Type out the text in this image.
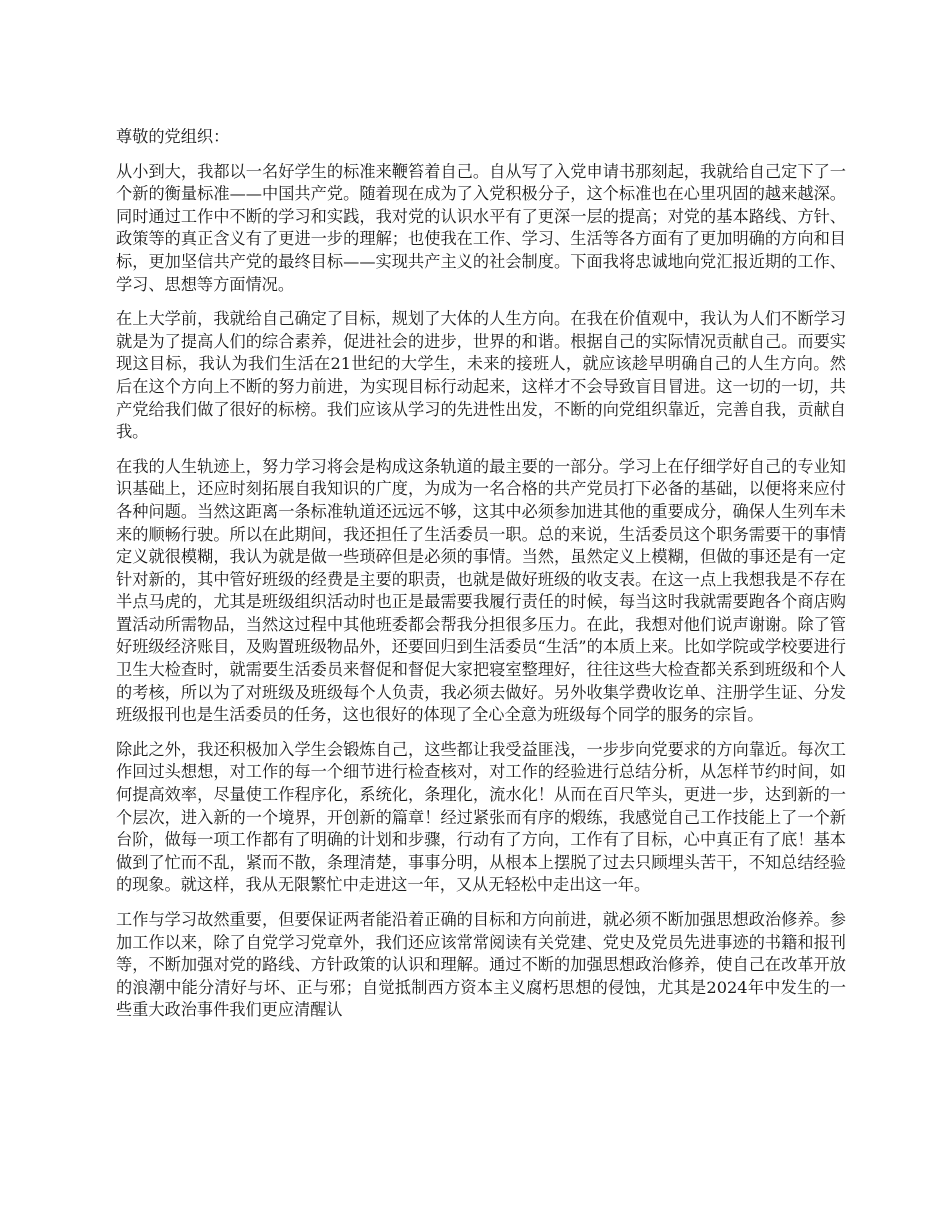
尊敬的党组织：

从小到大，我都以一名好学生的标准来鞭笞着自己。自从写了入党申请书那刻起，我就给自己定下了一个新的衡量标准——中国共产党。随着现在成为了入党积极分子，这个标准也在心里巩固的越来越深。同时通过工作中不断的学习和实践，我对党的认识水平有了更深一层的提高；对党的基本路线、方针、政策等的真正含义有了更进一步的理解；也使我在工作、学习、生活等各方面有了更加明确的方向和目标，更加坚信共产党的最终目标——实现共产主义的社会制度。下面我将忠诚地向党汇报近期的工作、学习、思想等方面情况。

在上大学前，我就给自己确定了目标，规划了大体的人生方向。在我在价值观中，我认为人们不断学习就是为了提高人们的综合素养，促进社会的进步，世界的和谐。根据自己的实际情况贡献自己。而要实现这目标，我认为我们生活在21世纪的大学生，未来的接班人，就应该趁早明确自己的人生方向。然后在这个方向上不断的努力前进，为实现目标行动起来，这样才不会导致盲目冒进。这一切的一切，共产党给我们做了很好的标榜。我们应该从学习的先进性出发，不断的向党组织靠近，完善自我，贡献自我。

在我的人生轨迹上，努力学习将会是构成这条轨道的最主要的一部分。学习上在仔细学好自己的专业知识基础上，还应时刻拓展自我知识的广度，为成为一名合格的共产党员打下必备的基础，以便将来应付各种问题。当然这距离一条标准轨道还远远不够，这其中必须参加进其他的重要成分，确保人生列车未来的顺畅行驶。所以在此期间，我还担任了生活委员一职。总的来说，生活委员这个职务需要干的事情定义就很模糊，我认为就是做一些琐碎但是必须的事情。当然，虽然定义上模糊，但做的事还是有一定针对新的，其中管好班级的经费是主要的职责，也就是做好班级的收支表。在这一点上我想我是不存在半点马虎的，尤其是班级组织活动时也正是最需要我履行责任的时候，每当这时我就需要跑各个商店购置活动所需物品，当然这过程中其他班委都会帮我分担很多压力。在此，我想对他们说声谢谢。除了管好班级经济账目，及购置班级物品外，还要回归到生活委员“生活”的本质上来。比如学院或学校要进行卫生大检查时，就需要生活委员来督促和督促大家把寝室整理好，往往这些大检查都关系到班级和个人的考核，所以为了对班级及班级每个人负责，我必须去做好。另外收集学费收讫单、注册学生证、分发班级报刊也是生活委员的任务，这也很好的体现了全心全意为班级每个同学的服务的宗旨。

除此之外，我还积极加入学生会锻炼自己，这些都让我受益匪浅，一步步向党要求的方向靠近。每次工作回过头想想，对工作的每一个细节进行检查核对，对工作的经验进行总结分析，从怎样节约时间，如何提高效率，尽量使工作程序化，系统化，条理化，流水化！从而在百尺竿头，更进一步，达到新的一个层次，进入新的一个境界，开创新的篇章！经过紧张而有序的煅练，我感觉自己工作技能上了一个新台阶，做每一项工作都有了明确的计划和步骤，行动有了方向，工作有了目标，心中真正有了底！基本做到了忙而不乱，紧而不散，条理清楚，事事分明，从根本上摆脱了过去只顾埋头苦干，不知总结经验的现象。就这样，我从无限繁忙中走进这一年，又从无轻松中走出这一年。

工作与学习故然重要，但要保证两者能沿着正确的目标和方向前进，就必须不断加强思想政治修养。参加工作以来，除了自党学习党章外，我们还应该常常阅读有关党建、党史及党员先进事迹的书籍和报刊等，不断加强对党的路线、方针政策的认识和理解。通过不断的加强思想政治修养，使自己在改革开放的浪潮中能分清好与坏、正与邪；自觉抵制西方资本主义腐朽思想的侵蚀，尤其是2024年中发生的一些重大政治事件我们更应清醒认
